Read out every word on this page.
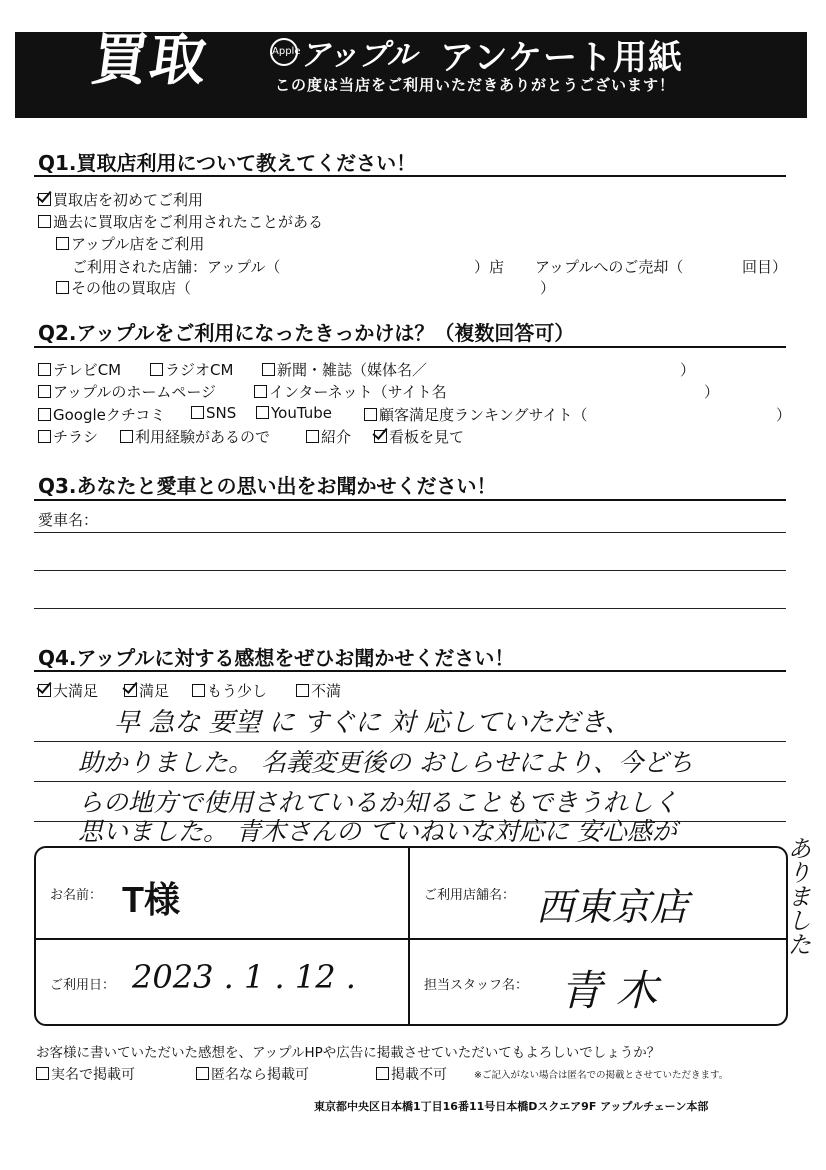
買取	Apple アップル アンケート用紙
この度は当店をご利用いただきありがとうございます！
Q1.買取店利用について教えてください！
買取店を初めてご利用
過去に買取店をご利用されたことがある
アップル店をご利用
ご利用された店舗：アップル（	）店 アップルへのご売却（	回目）
その他の買取店（	）
Q2.アップルをご利用になったきっかけは？（複数回答可）
テレビCM	ラジオCM	新聞・雑誌（媒体名／	）
アップルのホームページ	インターネット（サイト名	）
Googleクチコミ	SNS	YouTube	顧客満足度ランキングサイト（	）
チラシ	利用経験があるので	紹介	看板を見て
Q3.あなたと愛車との思い出をお聞かせください！
愛車名：
Q4.アップルに対する感想をぜひお聞かせください！
大満足	満足	もう少し	不満
早 急な 要望 に すぐに 対 応していただき、
助かりました。 名義変更後の おしらせにより、今どち
らの地方で使用されているか知ることもできうれしく
思いました。 青木さんの ていねいな対応に 安心感が
ありました
お名前： T様	ご利用店舗名： 西東京店
ご利用日： 2023 . 1 . 12 .	担当スタッフ名： 青 木
お客様に書いていただいた感想を、アップルHPや広告に掲載させていただいてもよろしいでしょうか？
実名で掲載可	匿名なら掲載可	掲載不可	※ご記入がない場合は匿名での掲載とさせていただきます。
東京都中央区日本橋1丁目16番11号日本橋Dスクエア9F アップルチェーン本部
